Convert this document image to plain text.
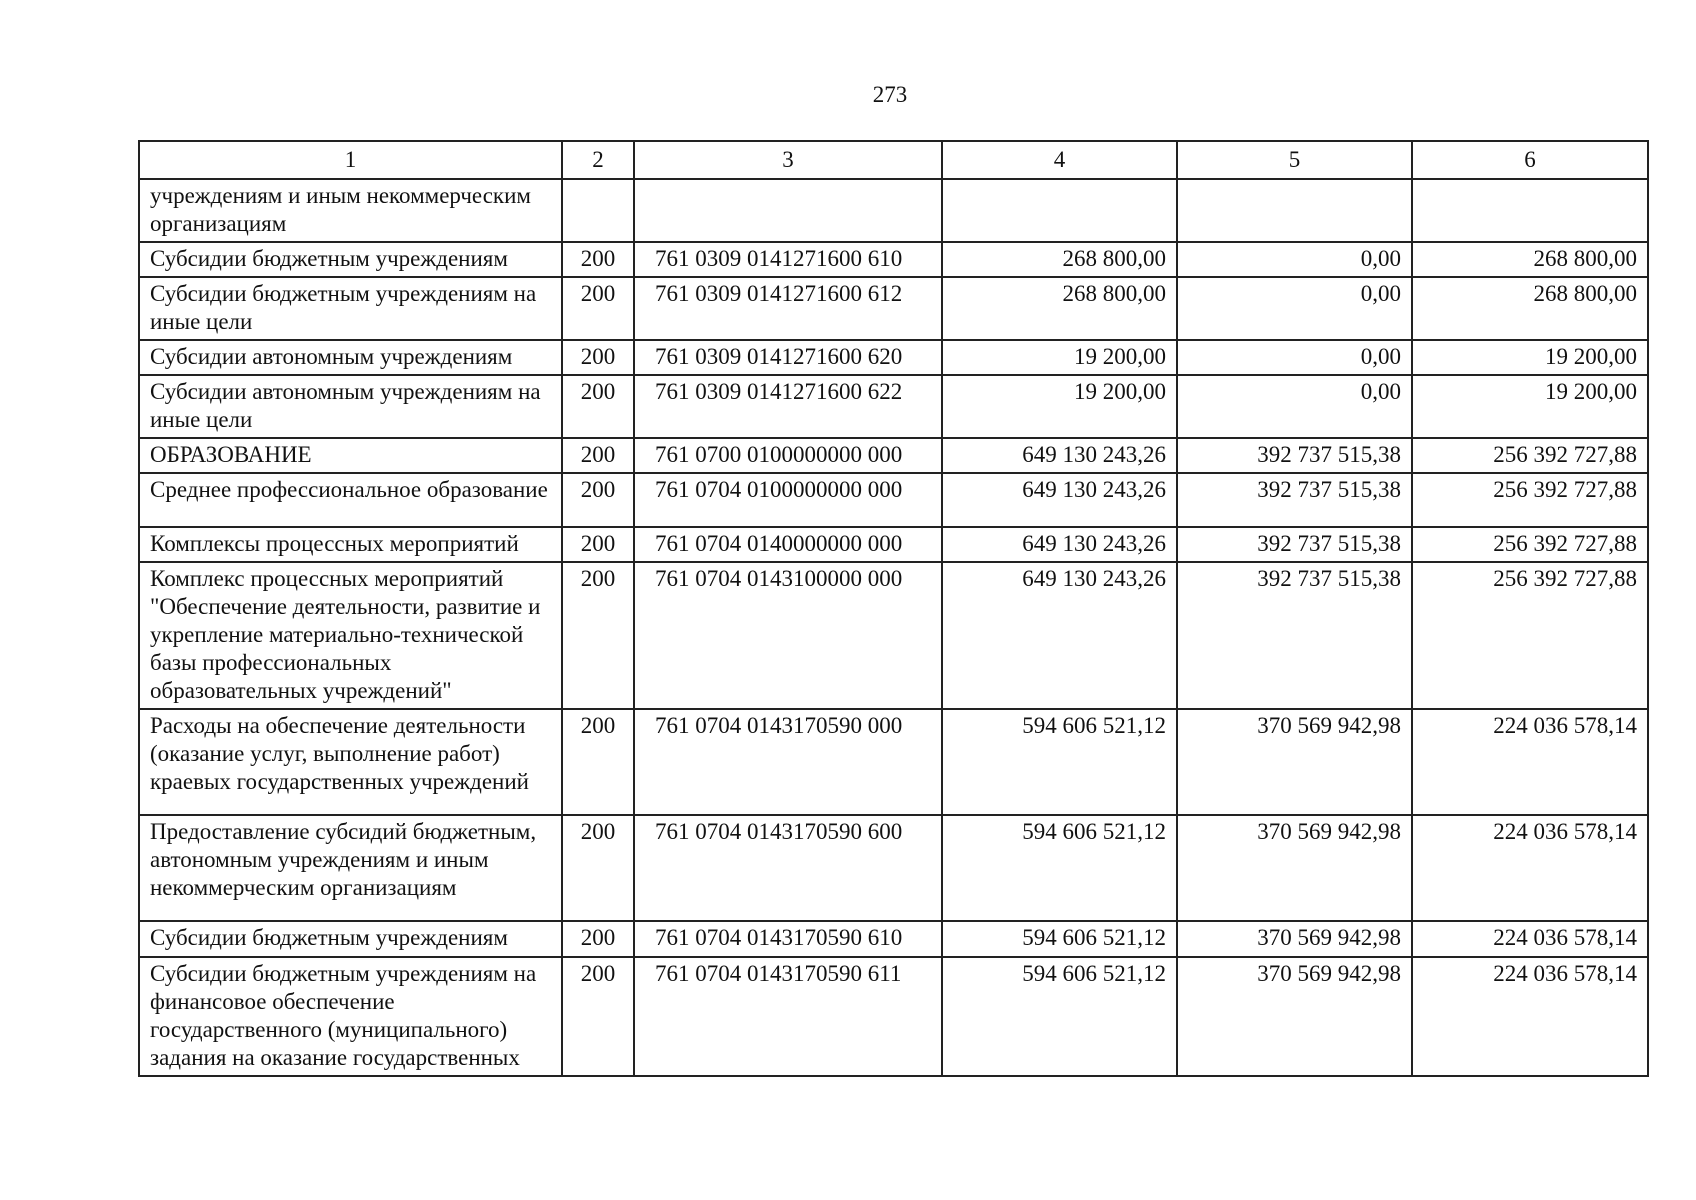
273
1	2	3	4	5	6
учреждениям и иным некоммерческим организациям					
Субсидии бюджетным учреждениям	200	761 0309 0141271600 610	268 800,00	0,00	268 800,00
Субсидии бюджетным учреждениям на иные цели	200	761 0309 0141271600 612	268 800,00	0,00	268 800,00
Субсидии автономным учреждениям	200	761 0309 0141271600 620	19 200,00	0,00	19 200,00
Субсидии автономным учреждениям на иные цели	200	761 0309 0141271600 622	19 200,00	0,00	19 200,00
ОБРАЗОВАНИЕ	200	761 0700 0100000000 000	649 130 243,26	392 737 515,38	256 392 727,88
Среднее профессиональное образование	200	761 0704 0100000000 000	649 130 243,26	392 737 515,38	256 392 727,88
Комплексы процессных мероприятий	200	761 0704 0140000000 000	649 130 243,26	392 737 515,38	256 392 727,88
Комплекс процессных мероприятий "Обеспечение деятельности, развитие и укрепление материально-технической базы профессиональных образовательных учреждений"	200	761 0704 0143100000 000	649 130 243,26	392 737 515,38	256 392 727,88
Расходы на обеспечение деятельности (оказание услуг, выполнение работ) краевых государственных учреждений	200	761 0704 0143170590 000	594 606 521,12	370 569 942,98	224 036 578,14
Предоставление субсидий бюджетным, автономным учреждениям и иным некоммерческим организациям	200	761 0704 0143170590 600	594 606 521,12	370 569 942,98	224 036 578,14
Субсидии бюджетным учреждениям	200	761 0704 0143170590 610	594 606 521,12	370 569 942,98	224 036 578,14
Субсидии бюджетным учреждениям на финансовое обеспечение государственного (муниципального) задания на оказание государственных	200	761 0704 0143170590 611	594 606 521,12	370 569 942,98	224 036 578,14
